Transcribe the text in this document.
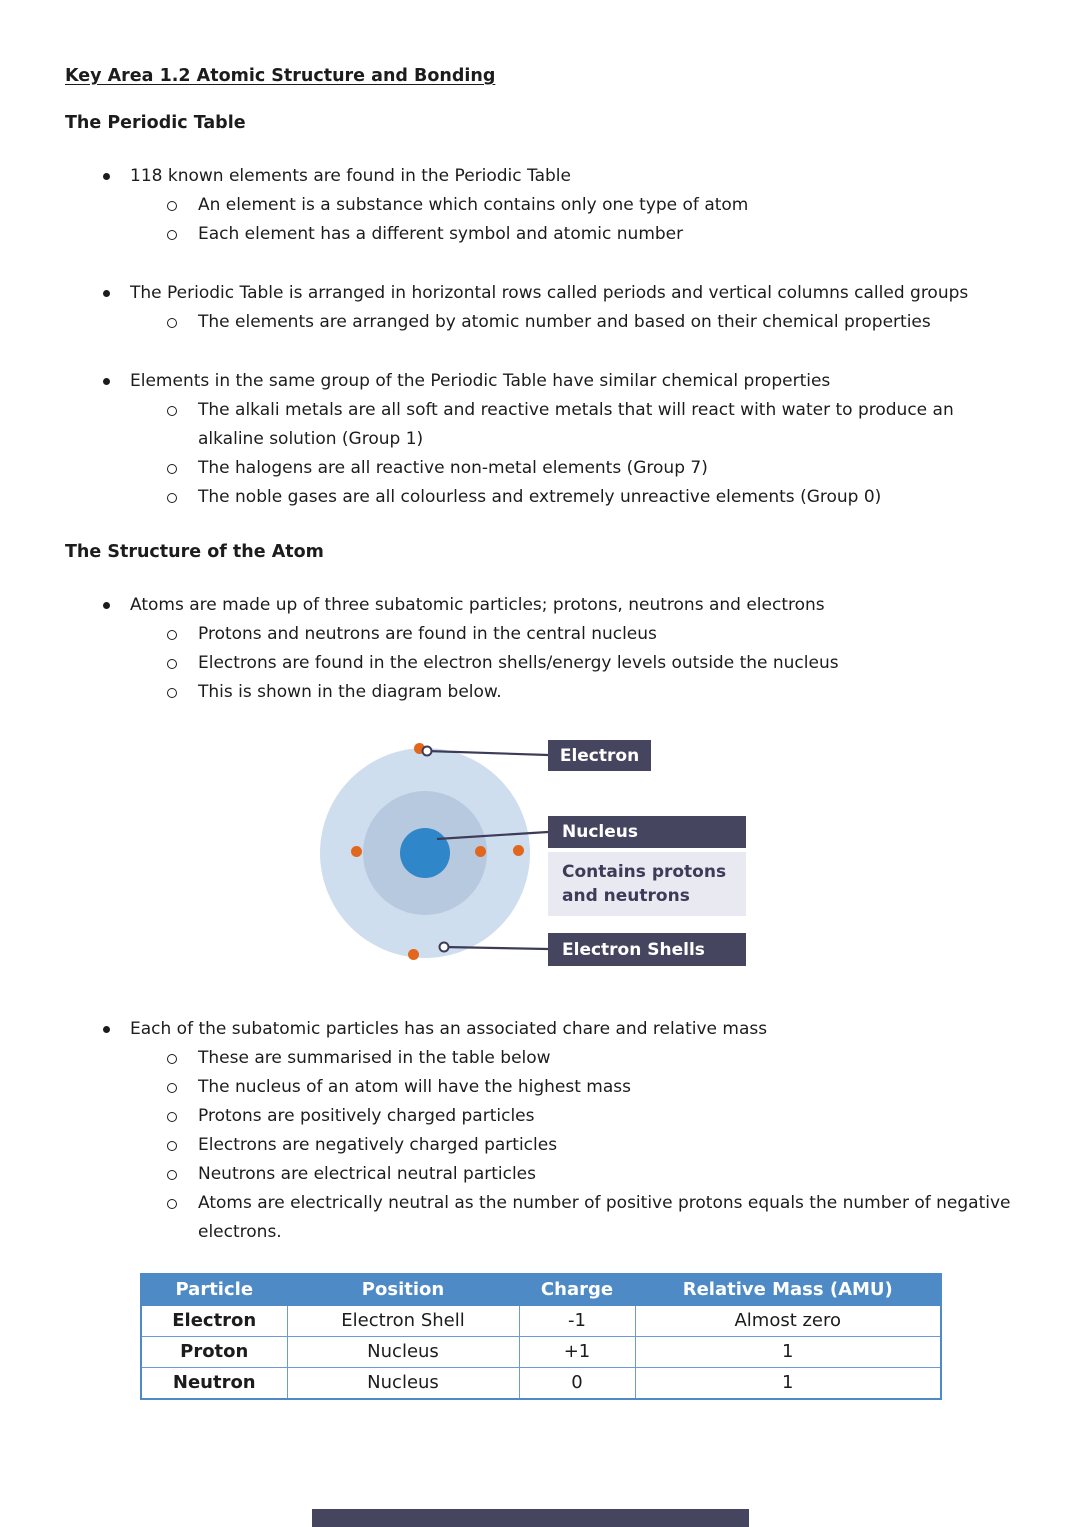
Key Area 1.2 Atomic Structure and Bonding
The Periodic Table
118 known elements are found in the Periodic Table
An element is a substance which contains only one type of atom
Each element has a different symbol and atomic number
The Periodic Table is arranged in horizontal rows called periods and vertical columns called groups
The elements are arranged by atomic number and based on their chemical properties
Elements in the same group of the Periodic Table have similar chemical properties
The alkali metals are all soft and reactive metals that will react with water to produce an alkaline solution (Group 1)
The halogens are all reactive non-metal elements (Group 7)
The noble gases are all colourless and extremely unreactive elements (Group 0)
The Structure of the Atom
Atoms are made up of three subatomic particles; protons, neutrons and electrons
Protons and neutrons are found in the central nucleus
Electrons are found in the electron shells/energy levels outside the nucleus
This is shown in the diagram below.
Electron
Nucleus
Contains protons
and neutrons
Electron Shells
Each of the subatomic particles has an associated chare and relative mass
These are summarised in the table below
The nucleus of an atom will have the highest mass
Protons are positively charged particles
Electrons are negatively charged particles
Neutrons are electrical neutral particles
Atoms are electrically neutral as the number of positive protons equals the number of negative electrons.
Particle	Position	Charge	Relative Mass (AMU)
Electron	Electron Shell	-1	Almost zero
Proton	Nucleus	+1	1
Neutron	Nucleus	0	1
